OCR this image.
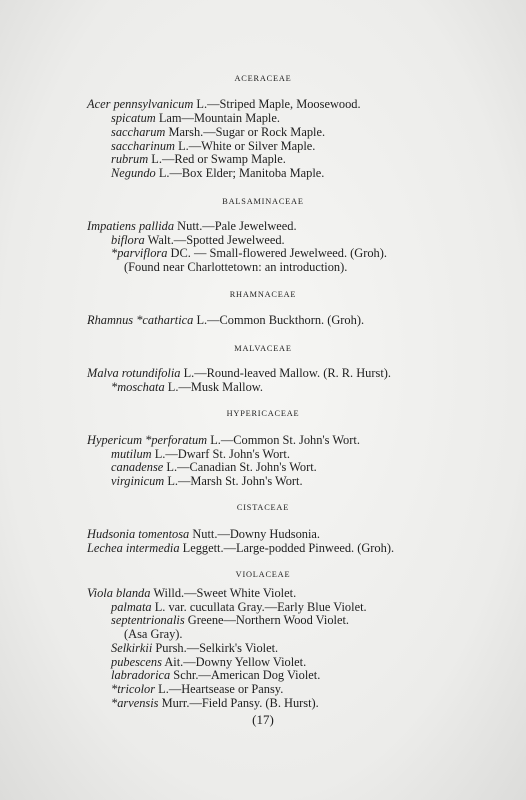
ACERACEAE
Acer pennsylvanicum L.—Striped Maple, Moosewood.
spicatum Lam—Mountain Maple.
saccharum Marsh.—Sugar or Rock Maple.
saccharinum L.—White or Silver Maple.
rubrum L.—Red or Swamp Maple.
Negundo L.—Box Elder; Manitoba Maple.
BALSAMINACEAE
Impatiens pallida Nutt.—Pale Jewelweed.
biflora Walt.—Spotted Jewelweed.
*parviflora DC. — Small-flowered Jewelweed. (Groh).
(Found near Charlottetown: an introduction).
RHAMNACEAE
Rhamnus *cathartica L.—Common Buckthorn. (Groh).
MALVACEAE
Malva rotundifolia L.—Round-leaved Mallow. (R. R. Hurst).
*moschata L.—Musk Mallow.
HYPERICACEAE
Hypericum *perforatum L.—Common St. John's Wort.
mutilum L.—Dwarf St. John's Wort.
canadense L.—Canadian St. John's Wort.
virginicum L.—Marsh St. John's Wort.
CISTACEAE
Hudsonia tomentosa Nutt.—Downy Hudsonia.
Lechea intermedia Leggett.—Large-podded Pinweed. (Groh).
VIOLACEAE
Viola blanda Willd.—Sweet White Violet.
palmata L. var. cucullata Gray.—Early Blue Violet.
septentrionalis Greene—Northern Wood Violet.
(Asa Gray).
Selkirkii Pursh.—Selkirk's Violet.
pubescens Ait.—Downy Yellow Violet.
labradorica Schr.—American Dog Violet.
*tricolor L.—Heartsease or Pansy.
*arvensis Murr.—Field Pansy. (B. Hurst).
(17)
